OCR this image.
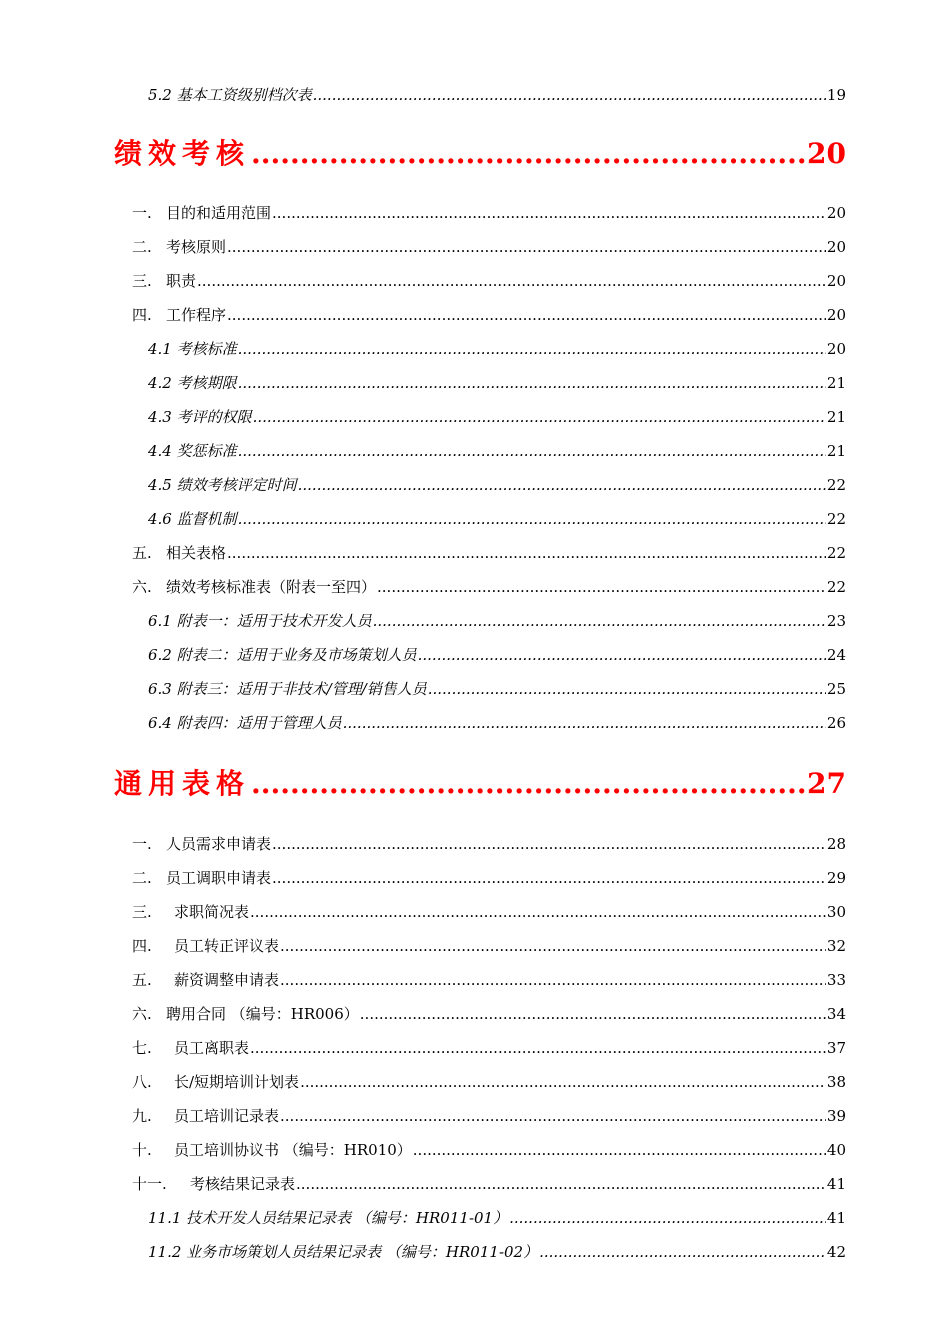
5.2 基本工资级别档次表 .....	19
绩效考核 .....	20
一. 目的和适用范围 .....	20
二. 考核原则 .....	20
三. 职责 .....	20
四. 工作程序 .....	20
4.1 考核标准 .....	20
4.2 考核期限 .....	21
4.3 考评的权限 .....	21
4.4 奖惩标准 .....	21
4.5 绩效考核评定时间 .....	22
4.6 监督机制 .....	22
五. 相关表格 .....	22
六. 绩效考核标准表（附表一至四） .....	22
6.1 附表一：适用于技术开发人员 .....	23
6.2 附表二：适用于业务及市场策划人员 .....	24
6.3 附表三：适用于非技术/管理/销售人员 .....	25
6.4 附表四：适用于管理人员 .....	26
通用表格 .....	27
一. 人员需求申请表 .....	28
二. 员工调职申请表 .....	29
三. 求职简况表 .....	30
四. 员工转正评议表 .....	32
五. 薪资调整申请表 .....	33
六. 聘用合同 （编号：HR006） .....	34
七. 员工离职表 .....	37
八. 长/短期培训计划表 .....	38
九. 员工培训记录表 .....	39
十. 员工培训协议书 （编号：HR010） .....	40
十一. 考核结果记录表 .....	41
11.1 技术开发人员结果记录表 （编号：HR011-01） .....	41
11.2 业务市场策划人员结果记录表 （编号：HR011-02） .....	42
